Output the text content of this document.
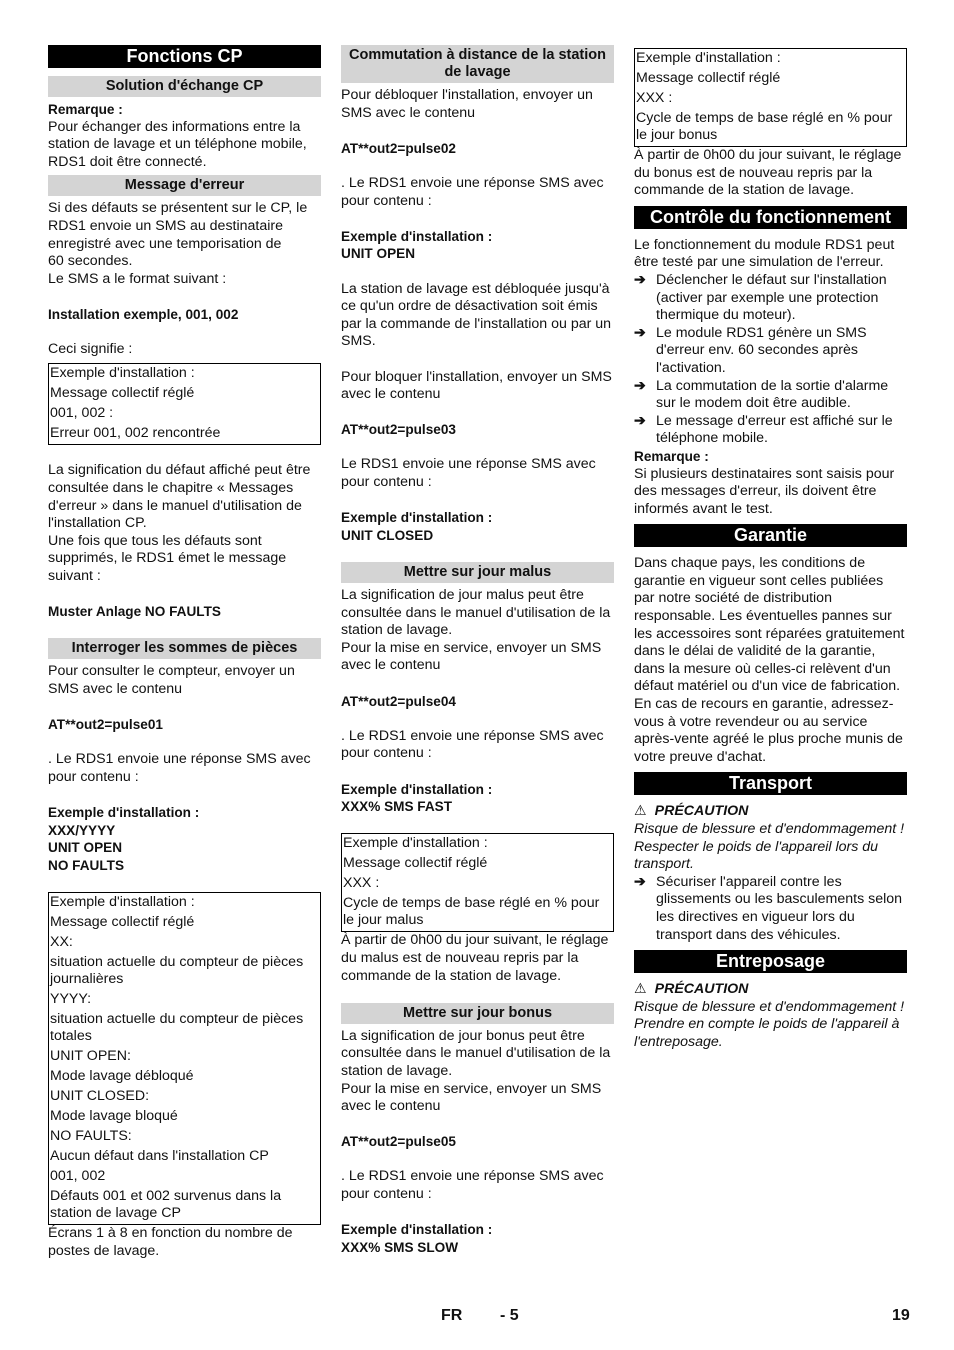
Fonctions CP
Solution d'échange CP

Remarque :

Pour échanger des informations entre la station de lavage et un téléphone mobile, RDS1 doit être connecté.

Message d'erreur

Si des défauts se présentent sur le CP, le RDS1 envoie un SMS au destinataire enregistré avec une temporisation de

60 secondes.

Le SMS a le format suivant :

Installation exemple, 001, 002

Ceci signifie :

Exemple d'installation :
Message collectif réglé
001, 002 :
Erreur 001, 002 rencontrée

La signification du défaut affiché peut être consultée dans le chapitre « Messages d'erreur » dans le manuel d'utilisation de l'installation CP.

Une fois que tous les défauts sont supprimés, le RDS1 émet le message suivant :

Muster Anlage NO FAULTS

Interroger les sommes de pièces

Pour consulter le compteur, envoyer un SMS avec le contenu

AT**out2=pulse01

. Le RDS1 envoie une réponse SMS avec pour contenu :

Exemple d'installation :

XXX/YYYY

UNIT OPEN

NO FAULTS

Exemple d'installation :
Message collectif réglé
XX:
situation actuelle du compteur de pièces journalières
YYYY:
situation actuelle du compteur de pièces totales
UNIT OPEN:
Mode lavage débloqué
UNIT CLOSED:
Mode lavage bloqué
NO FAULTS:
Aucun défaut dans l'installation CP
001, 002
Défauts 001 et 002 survenus dans la station de lavage CP

Écrans 1 à 8 en fonction du nombre de postes de lavage.

Commutation à distance de la station de lavage

Pour débloquer l'installation, envoyer un SMS avec le contenu

AT**out2=pulse02

. Le RDS1 envoie une réponse SMS avec pour contenu :

Exemple d'installation :

UNIT OPEN

La station de lavage est débloquée jusqu'à ce qu'un ordre de désactivation soit émis par la commande de l'installation ou par un SMS.

Pour bloquer l'installation, envoyer un SMS avec le contenu

AT**out2=pulse03

Le RDS1 envoie une réponse SMS avec pour contenu :

Exemple d'installation :

UNIT CLOSED

Mettre sur jour malus

La signification de jour malus peut être consultée dans le manuel d'utilisation de la station de lavage.

Pour la mise en service, envoyer un SMS avec le contenu

AT**out2=pulse04

. Le RDS1 envoie une réponse SMS avec pour contenu :

Exemple d'installation :

XXX% SMS FAST

Exemple d'installation :
Message collectif réglé
XXX :
Cycle de temps de base réglé en % pour le jour malus

À partir de 0h00 du jour suivant, le réglage du malus est de nouveau repris par la commande de la station de lavage.

Mettre sur jour bonus

La signification de jour bonus peut être consultée dans le manuel d'utilisation de la station de lavage.

Pour la mise en service, envoyer un SMS avec le contenu

AT**out2=pulse05

. Le RDS1 envoie une réponse SMS avec pour contenu :

Exemple d'installation :

XXX% SMS SLOW

Exemple d'installation :
Message collectif réglé
XXX :
Cycle de temps de base réglé en % pour le jour bonus

À partir de 0h00 du jour suivant, le réglage du bonus est de nouveau repris par la commande de la station de lavage.

Contrôle du fonctionnement

Le fonctionnement du module RDS1 peut être testé par une simulation de l'erreur.

➔ Déclencher le défaut sur l'installation (activer par exemple une protection thermique du moteur).
➔ Le module RDS1 génère un SMS d'erreur env. 60 secondes après l'activation.
➔ La commutation de la sortie d'alarme sur le modem doit être audible.
➔ Le message d'erreur est affiché sur le téléphone mobile.

Remarque :

Si plusieurs destinataires sont saisis pour des messages d'erreur, ils doivent être informés avant le test.

Garantie

Dans chaque pays, les conditions de garantie en vigueur sont celles publiées par notre société de distribution responsable. Les éventuelles pannes sur les accessoires sont réparées gratuitement dans le délai de validité de la garantie, dans la mesure où celles-ci relèvent d'un défaut matériel ou d'un vice de fabrication. En cas de recours en garantie, adressez-vous à votre revendeur ou au service après-vente agréé le plus proche munis de votre preuve d'achat.

Transport

⚠ PRÉCAUTION

Risque de blessure et d'endommagement !

Respecter le poids de l'appareil lors du transport.

➔ Sécuriser l'appareil contre les glissements ou les basculements selon les directives en vigueur lors du transport dans des véhicules.
Entreposage

⚠ PRÉCAUTION

Risque de blessure et d'endommagement !

Prendre en compte le poids de l'appareil à l'entreposage.

FR - 5	19
